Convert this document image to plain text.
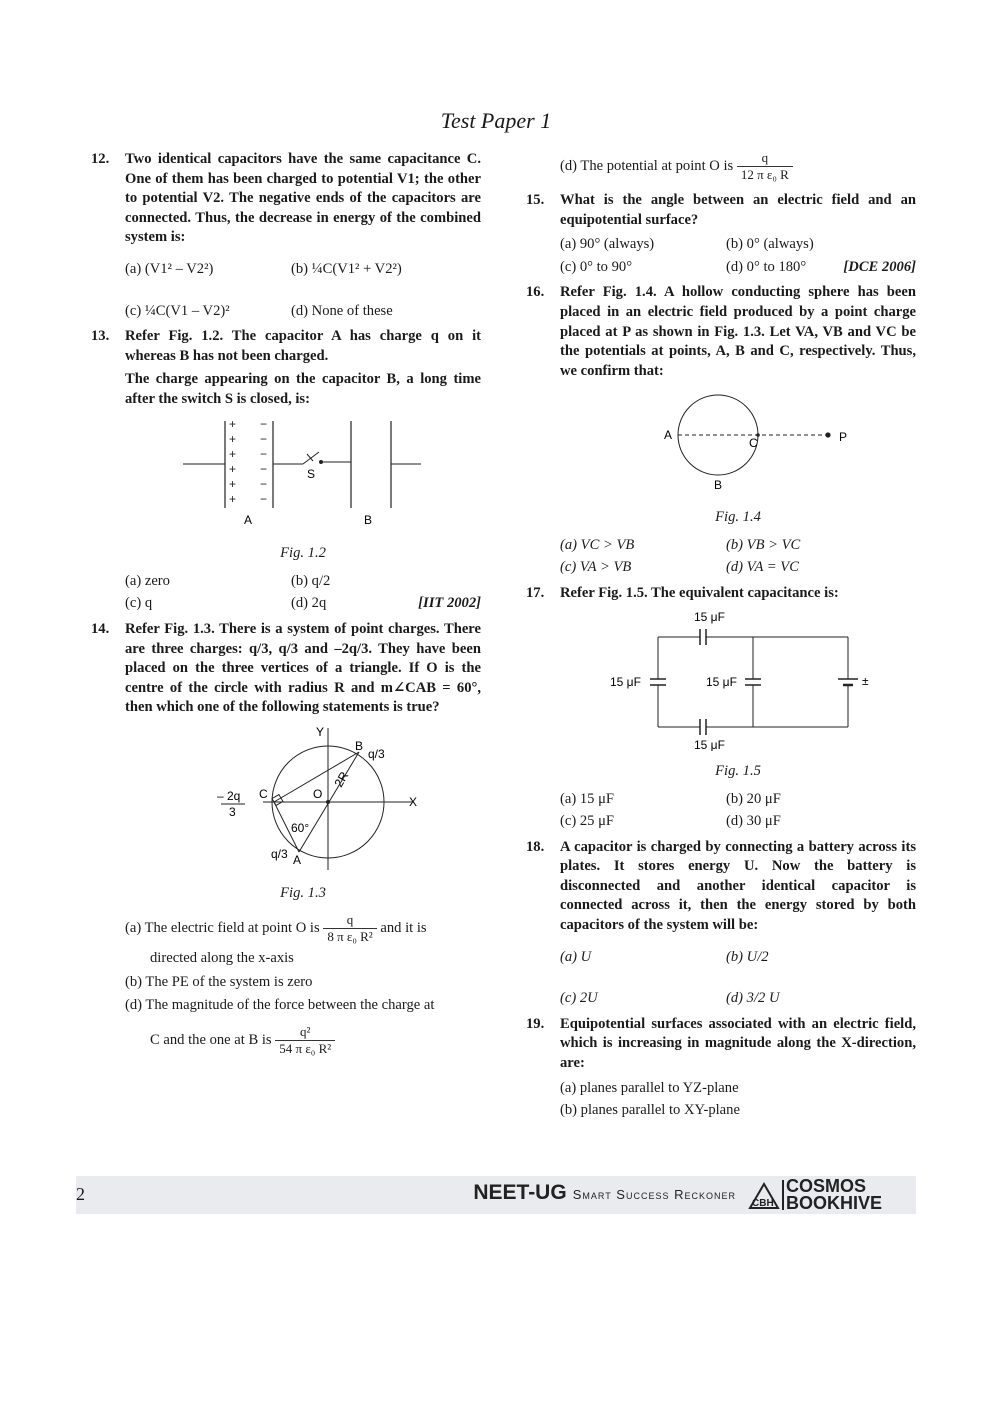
Test Paper 1
12. Two identical capacitors have the same capacitance C. One of them has been charged to potential V1; the other to potential V2. The negative ends of the capacitors are connected. Thus, the decrease in energy of the combined system is:
(a) (V1² – V2²)	(b) ¼C(V1² + V2²)
(c) ¼C(V1 – V2)²	(d) None of these
13. Refer Fig. 1.2. The capacitor A has charge q on it whereas B has not been charged.

The charge appearing on the capacitor B, a long time after the switch S is closed, is:

+
+
+
+
+
+
−
−
−
−
−
−
S
A	B
Fig. 1.2
(a) zero	(b) q/2
(c) q	(d) 2q	[IIT 2002]
14. Refer Fig. 1.3. There is a system of point charges. There are three charges: q/3, q/3 and –2q/3. They have been placed on the three vertices of a triangle. If O is the centre of the circle with radius R and m∠CAB = 60°, then which one of the following statements is true?
Y
X
B
q/3
C	O
2R
60°
A
q/3
– 2q
3
Fig. 1.3
(a) The electric field at point O is $\frac{q}{\text{8 π ε₀ R²}}$ and it is
directed along the x-axis
(b) The PE of the system is zero
(d) The magnitude of the force between the charge at
C and the one at B is $\frac{\text{q²}}{\text{54 π ε₀ R²}}$
(d) The potential at point O is $\frac{q}{\text{12 π ε₀ R}}$
15. What is the angle between an electric field and an equipotential surface?
(a) 90° (always)	(b) 0° (always)
(c) 0° to 90°	(d) 0° to 180°	[DCE 2006]
16. Refer Fig. 1.4. A hollow conducting sphere has been placed in an electric field produced by a point charge placed at P as shown in Fig. 1.3. Let VA, VB and VC be the potentials at points, A, B and C, respectively. Thus, we confirm that:
A
C
B
P
Fig. 1.4
(a) VC > VB	(b) VB > VC
(c) VA > VB	(d) VA = VC
17. Refer Fig. 1.5. The equivalent capacitance is:
15 μF
15 μF	15 μF
15 μF
±
Fig. 1.5
(a) 15 μF	(b) 20 μF
(c) 25 μF	(d) 30 μF
18. A capacitor is charged by connecting a battery across its plates. It stores energy U. Now the battery is disconnected and another identical capacitor is connected across it, then the energy stored by both capacitors of the system will be:
(a) U	(b) U/2
(c) 2U	(d) 3/2 U
19. Equipotential surfaces associated with an electric field, which is increasing in magnitude along the X-direction, are:
(a) planes parallel to YZ-plane
(b) planes parallel to XY-plane
2	NEET-UG Smart Success Reckoner
CBH
COSMOS
BOOKHIVE
